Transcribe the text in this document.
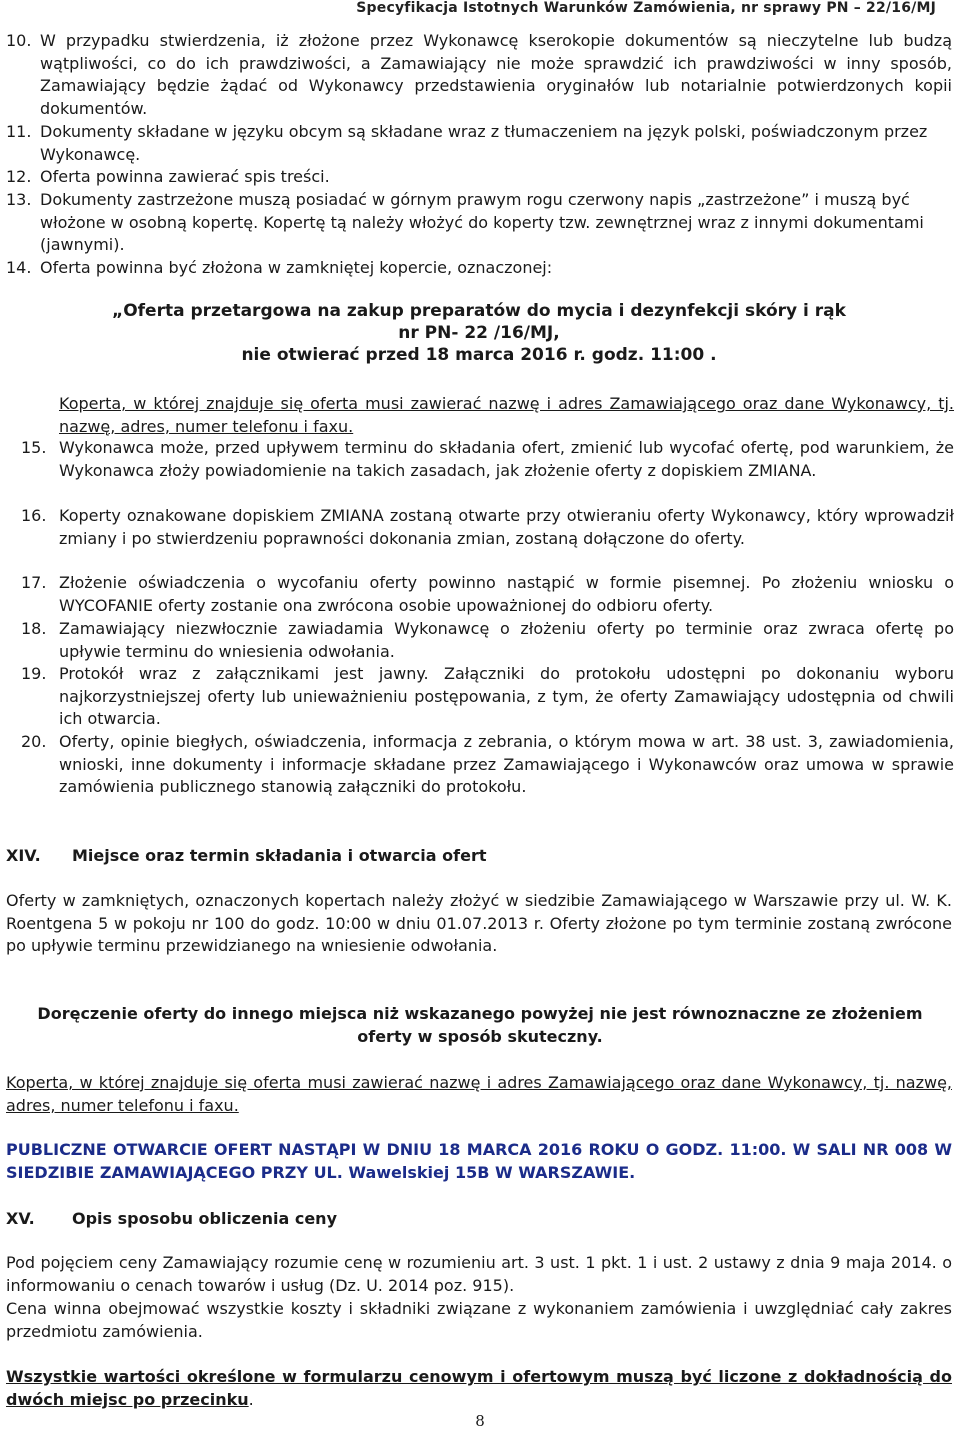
Specyfikacja Istotnych Warunków Zamówienia, nr sprawy PN – 22/16/MJ
10. W przypadku stwierdzenia, iż złożone przez Wykonawcę kserokopie dokumentów są nieczytelne lub budzą wątpliwości, co do ich prawdziwości, a Zamawiający nie może sprawdzić ich prawdziwości w inny sposób, Zamawiający będzie żądać od Wykonawcy przedstawienia oryginałów lub notarialnie potwierdzonych kopii dokumentów.
11. Dokumenty składane w języku obcym są składane wraz z tłumaczeniem na język polski, poświadczonym przez Wykonawcę.
12. Oferta powinna zawierać spis treści.
13. Dokumenty zastrzeżone muszą posiadać w górnym prawym rogu czerwony napis „zastrzeżone” i muszą być włożone w osobną kopertę. Kopertę tą należy włożyć do koperty tzw. zewnętrznej wraz z innymi dokumentami (jawnymi).
14. Oferta powinna być złożona w zamkniętej kopercie, oznaczonej:
„Oferta przetargowa na zakup preparatów do mycia i dezynfekcji skóry i rąk
nr PN- 22 /16/MJ,
nie otwierać przed 18 marca 2016 r. godz. 11:00 .
Koperta, w której znajduje się oferta musi zawierać nazwę i adres Zamawiającego oraz dane Wykonawcy, tj. nazwę, adres, numer telefonu i faxu.
15. Wykonawca może, przed upływem terminu do składania ofert, zmienić lub wycofać ofertę, pod warunkiem, że Wykonawca złoży powiadomienie na takich zasadach, jak złożenie oferty z dopiskiem ZMIANA.
16. Koperty oznakowane dopiskiem ZMIANA zostaną otwarte przy otwieraniu oferty Wykonawcy, który wprowadził zmiany i po stwierdzeniu poprawności dokonania zmian, zostaną dołączone do oferty.
17. Złożenie oświadczenia o wycofaniu oferty powinno nastąpić w formie pisemnej. Po złożeniu wniosku o WYCOFANIE oferty zostanie ona zwrócona osobie upoważnionej do odbioru oferty.
18. Zamawiający niezwłocznie zawiadamia Wykonawcę o złożeniu oferty po terminie oraz zwraca ofertę po upływie terminu do wniesienia odwołania.
19. Protokół wraz z załącznikami jest jawny. Załączniki do protokołu udostępni po dokonaniu wyboru najkorzystniejszej oferty lub unieważnieniu postępowania, z tym, że oferty Zamawiający udostępnia od chwili ich otwarcia.
20. Oferty, opinie biegłych, oświadczenia, informacja z zebrania, o którym mowa w art. 38 ust. 3, zawiadomienia, wnioski, inne dokumenty i informacje składane przez Zamawiającego i Wykonawców oraz umowa w sprawie zamówienia publicznego stanowią załączniki do protokołu.
XIV. Miejsce oraz termin składania i otwarcia ofert
Oferty w zamkniętych, oznaczonych kopertach należy złożyć w siedzibie Zamawiającego w Warszawie przy ul. W. K. Roentgena 5 w pokoju nr 100 do godz. 10:00 w dniu 01.07.2013 r. Oferty złożone po tym terminie zostaną zwrócone po upływie terminu przewidzianego na wniesienie odwołania.
Doręczenie oferty do innego miejsca niż wskazanego powyżej nie jest równoznaczne ze złożeniem oferty w sposób skuteczny.
Koperta, w której znajduje się oferta musi zawierać nazwę i adres Zamawiającego oraz dane Wykonawcy, tj. nazwę, adres, numer telefonu i faxu.
PUBLICZNE OTWARCIE OFERT NASTĄPI W DNIU 18 MARCA 2016 ROKU O GODZ. 11:00. W SALI NR 008 W SIEDZIBIE ZAMAWIAJĄCEGO PRZY UL. Wawelskiej 15B W WARSZAWIE.
XV. Opis sposobu obliczenia ceny
Pod pojęciem ceny Zamawiający rozumie cenę w rozumieniu art. 3 ust. 1 pkt. 1 i ust. 2 ustawy z dnia 9 maja 2014. o informowaniu o cenach towarów i usług (Dz. U. 2014 poz. 915).
Cena winna obejmować wszystkie koszty i składniki związane z wykonaniem zamówienia i uwzględniać cały zakres przedmiotu zamówienia.
Wszystkie wartości określone w formularzu cenowym i ofertowym muszą być liczone z dokładnością do dwóch miejsc po przecinku.
8
